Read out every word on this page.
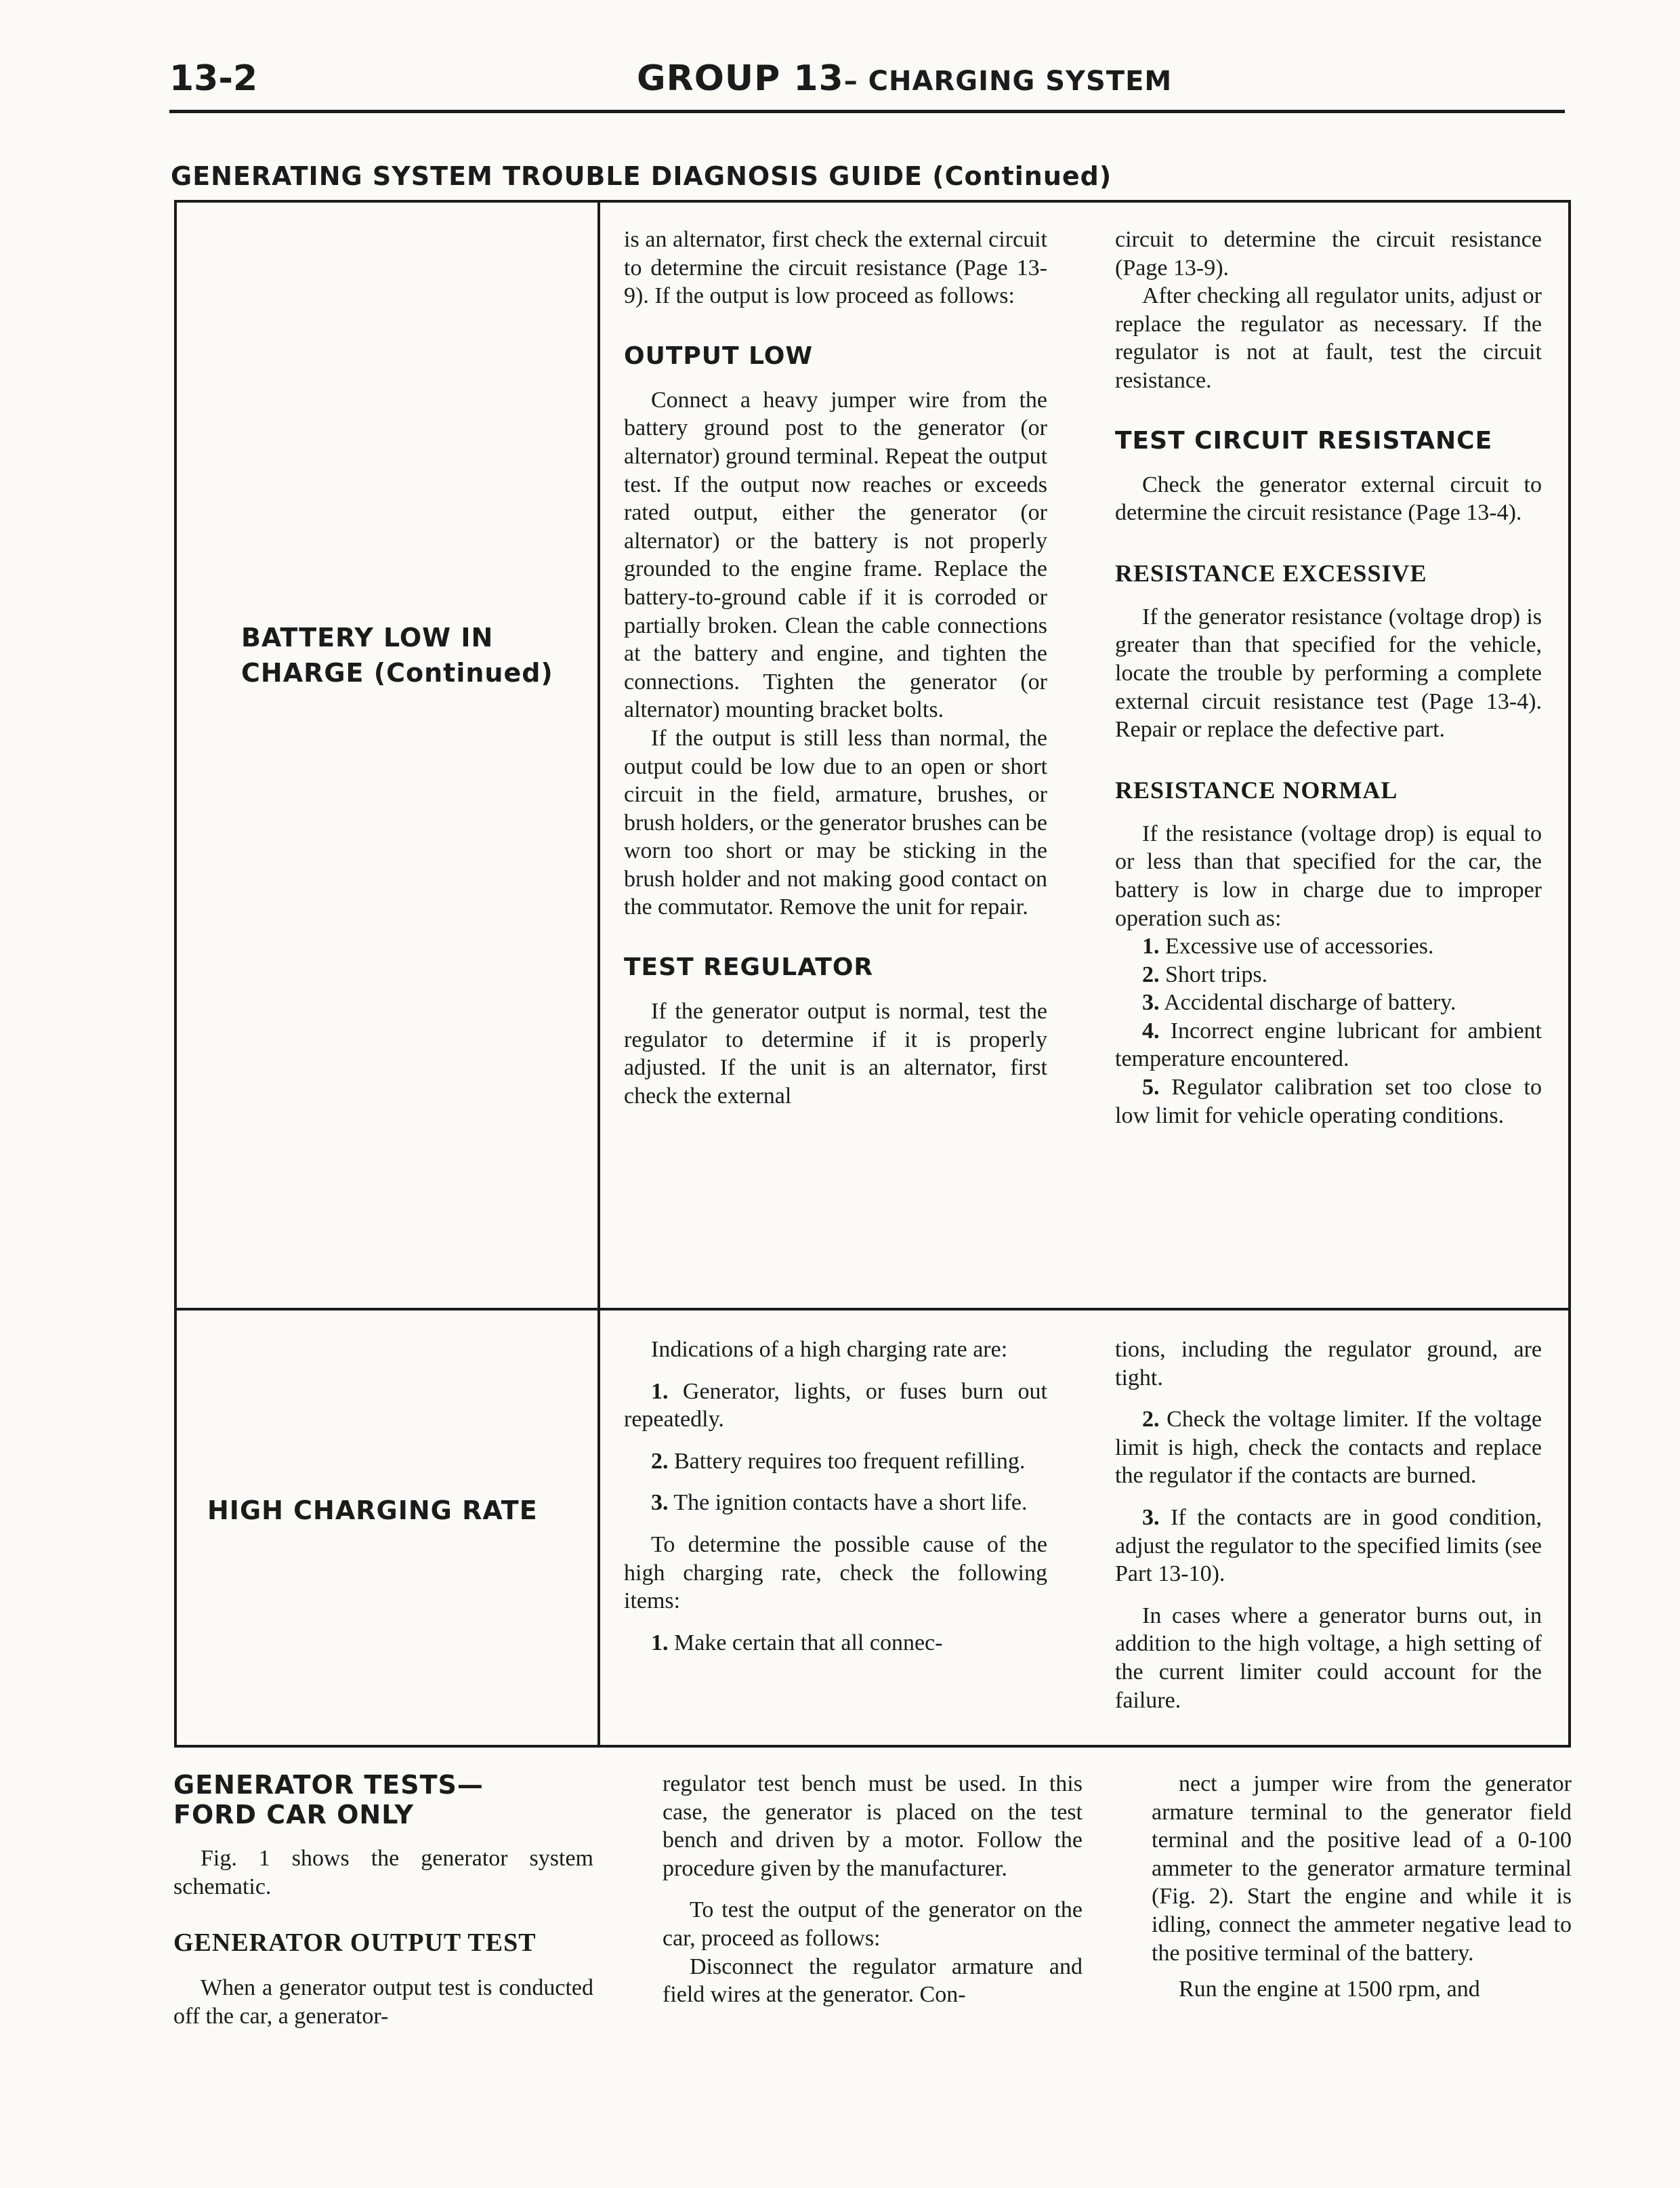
13-2	GROUP 13– CHARGING SYSTEM
GENERATING SYSTEM TROUBLE DIAGNOSIS GUIDE (Continued)
BATTERY LOW IN
CHARGE (Continued)

is an alternator, first check the external circuit to determine the circuit resistance (Page 13-9). If the output is low proceed as follows:

OUTPUT LOW

Connect a heavy jumper wire from the battery ground post to the generator (or alternator) ground terminal. Repeat the output test. If the output now reaches or exceeds rated output, either the generator (or alternator) or the battery is not properly grounded to the engine frame. Replace the battery-to-ground cable if it is corroded or partially broken. Clean the cable connections at the battery and engine, and tighten the connections. Tighten the generator (or alternator) mounting bracket bolts.

If the output is still less than normal, the output could be low due to an open or short circuit in the field, armature, brushes, or brush holders, or the generator brushes can be worn too short or may be sticking in the brush holder and not making good contact on the commutator. Remove the unit for repair.

TEST REGULATOR

If the generator output is normal, test the regulator to determine if it is properly adjusted. If the unit is an alternator, first check the external

circuit to determine the circuit resistance (Page 13-9).

After checking all regulator units, adjust or replace the regulator as necessary. If the regulator is not at fault, test the circuit resistance.

TEST CIRCUIT RESISTANCE

Check the generator external circuit to determine the circuit resistance (Page 13-4).

RESISTANCE EXCESSIVE

If the generator resistance (voltage drop) is greater than that specified for the vehicle, locate the trouble by performing a complete external circuit resistance test (Page 13-4). Repair or replace the defective part.

RESISTANCE NORMAL

If the resistance (voltage drop) is equal to or less than that specified for the car, the battery is low in charge due to improper operation such as:

1. Excessive use of accessories.
2. Short trips.
3. Accidental discharge of battery.
4. Incorrect engine lubricant for ambient temperature encountered.
5. Regulator calibration set too close to low limit for vehicle operating conditions.
HIGH CHARGING RATE

Indications of a high charging rate are:

1. Generator, lights, or fuses burn out repeatedly.

2. Battery requires too frequent refilling.

3. The ignition contacts have a short life.

To determine the possible cause of the high charging rate, check the following items:

1. Make certain that all connec-

tions, including the regulator ground, are tight.

2. Check the voltage limiter. If the voltage limit is high, check the contacts and replace the regulator if the contacts are burned.

3. If the contacts are in good condition, adjust the regulator to the specified limits (see Part 13-10).

In cases where a generator burns out, in addition to the high voltage, a high setting of the current limiter could account for the failure.

GENERATOR TESTS—
FORD CAR ONLY

Fig. 1 shows the generator system schematic.

GENERATOR OUTPUT TEST

When a generator output test is conducted off the car, a generator-

regulator test bench must be used. In this case, the generator is placed on the test bench and driven by a motor. Follow the procedure given by the manufacturer.

To test the output of the generator on the car, proceed as follows:

Disconnect the regulator armature and field wires at the generator. Con-

nect a jumper wire from the generator armature terminal to the generator field terminal and the positive lead of a 0-100 ammeter to the generator armature terminal (Fig. 2). Start the engine and while it is idling, connect the ammeter negative lead to the positive terminal of the battery.

Run the engine at 1500 rpm, and
